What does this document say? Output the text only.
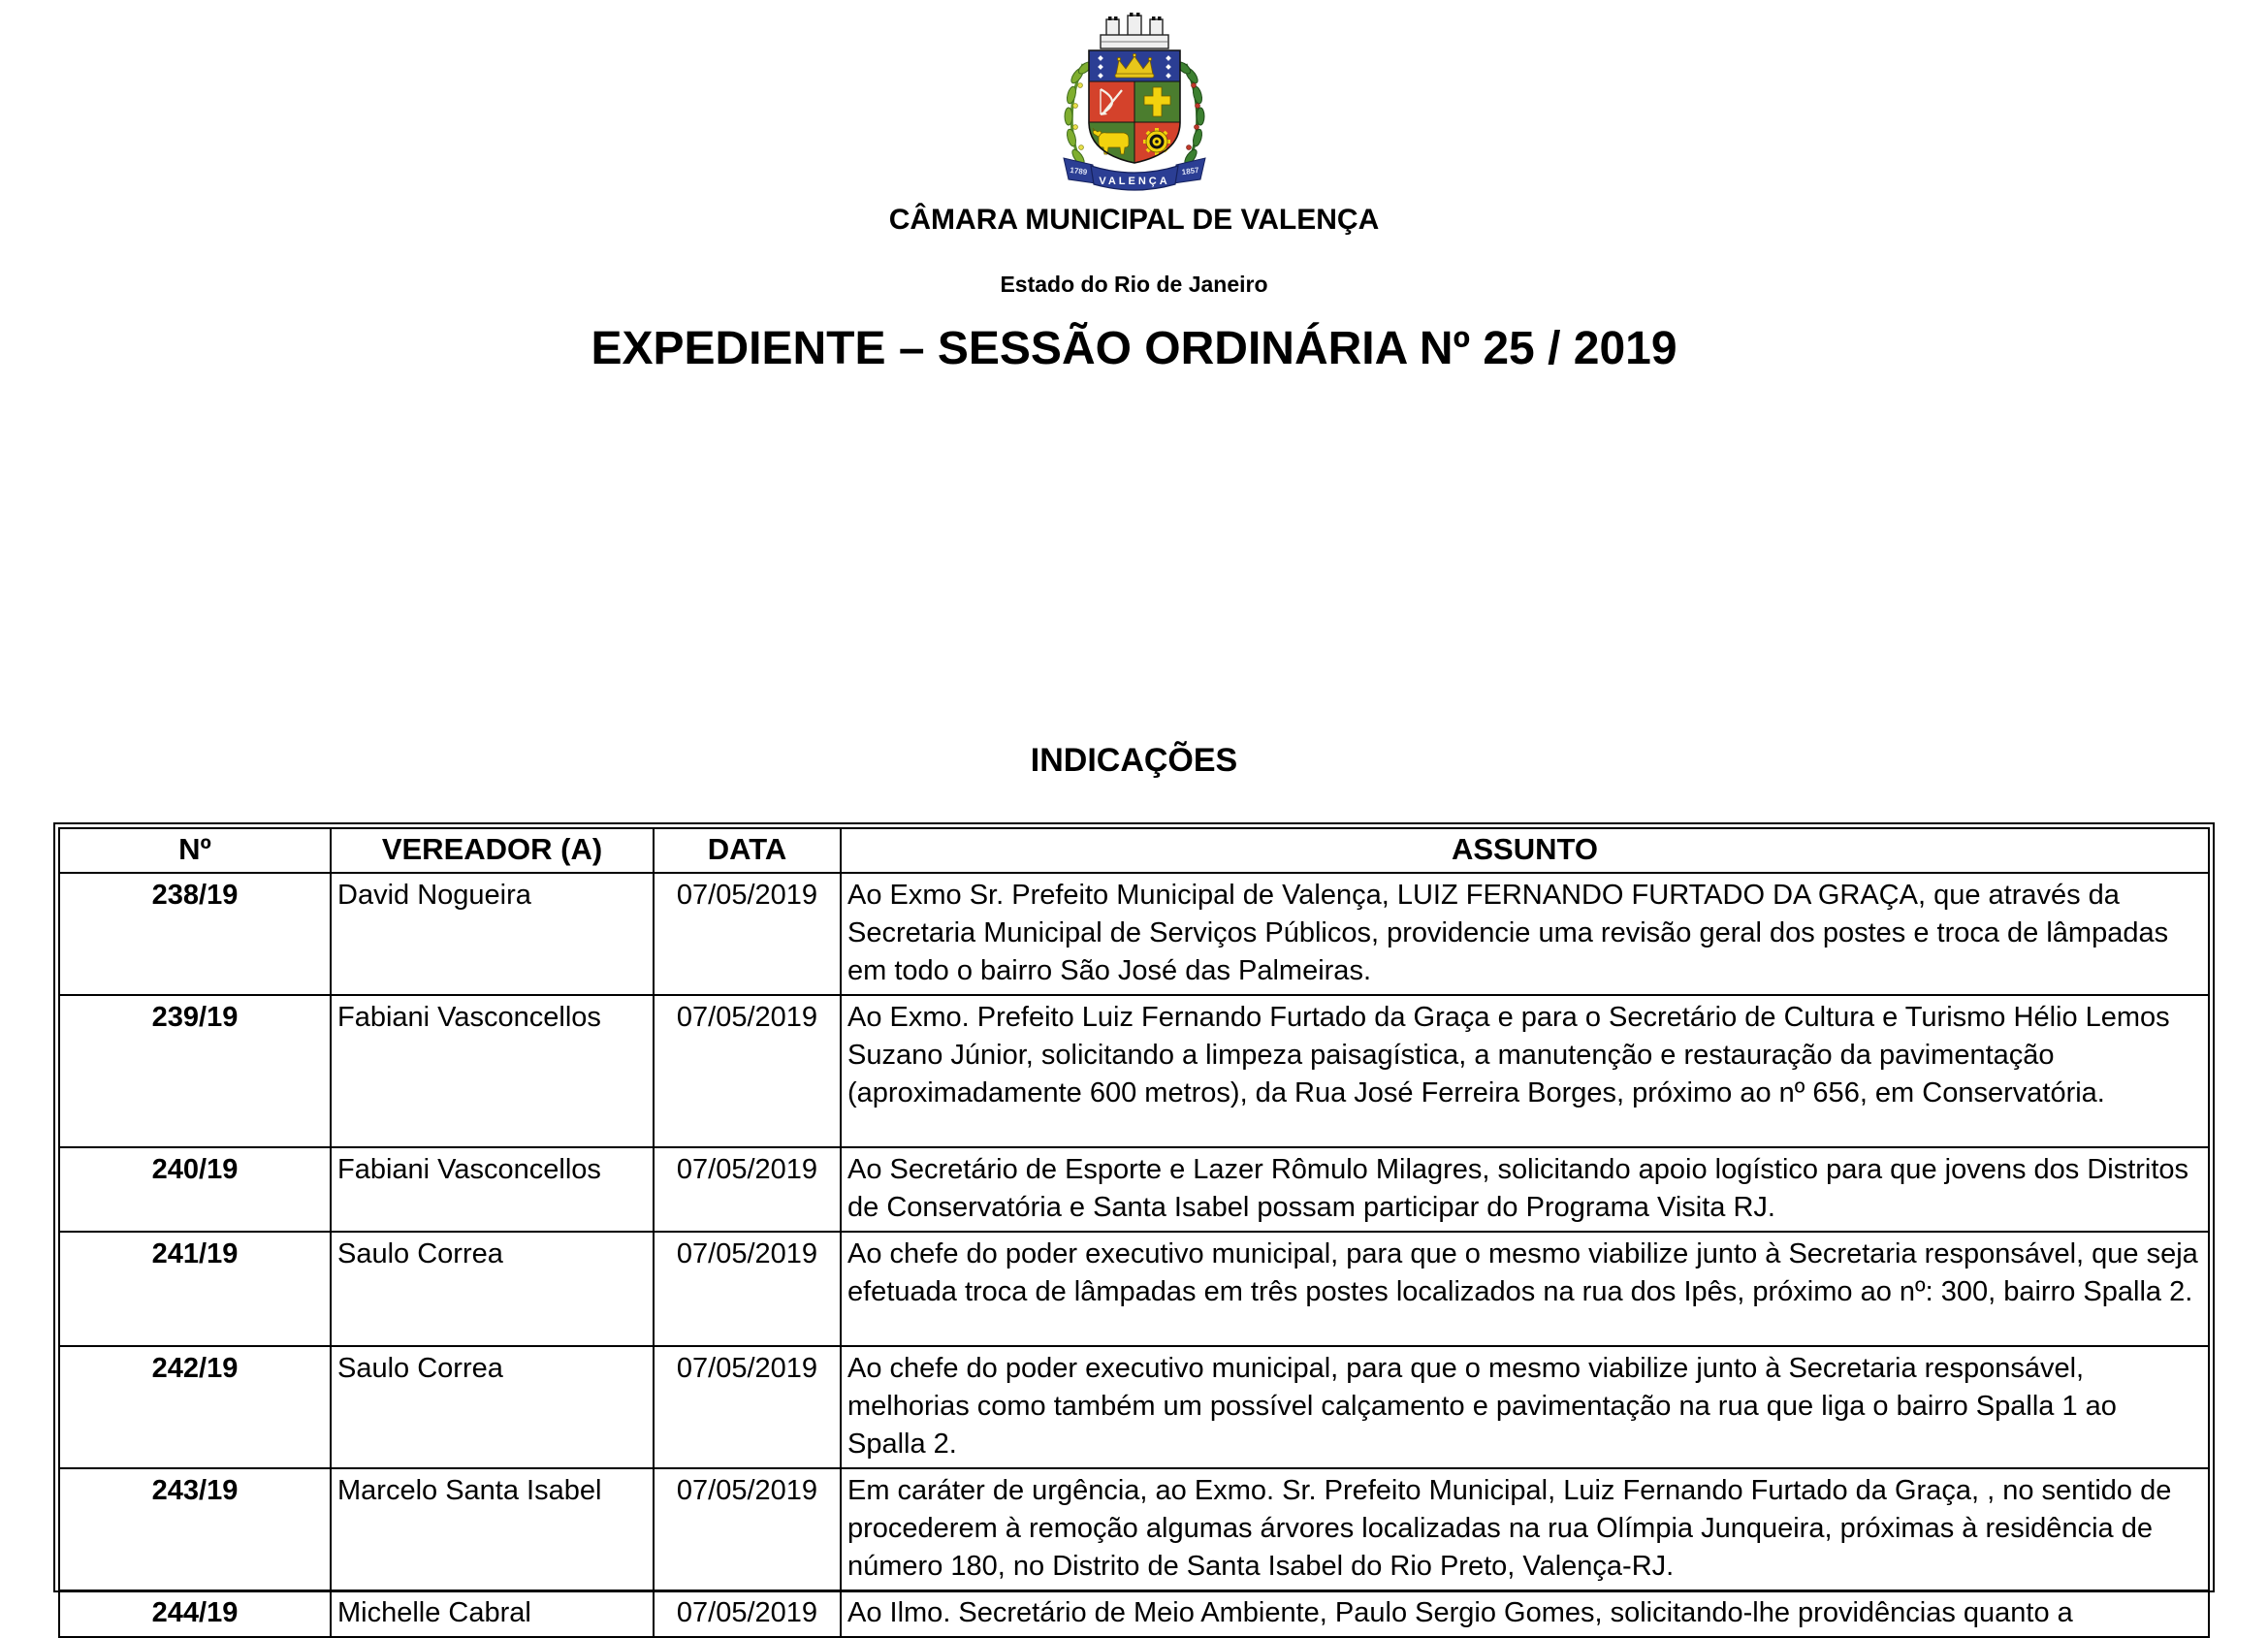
1789	1857
VALENÇA
CÂMARA MUNICIPAL DE VALENÇA
Estado do Rio de Janeiro
EXPEDIENTE – SESSÃO ORDINÁRIA Nº 25 / 2019
INDICAÇÕES
Nº	VEREADOR (A)	DATA	ASSUNTO
238/19	David Nogueira	07/05/2019	Ao Exmo Sr. Prefeito Municipal de Valença, LUIZ FERNANDO FURTADO DA GRAÇA, que através da Secretaria Municipal de Serviços Públicos, providencie uma revisão geral dos postes e troca de lâmpadas em todo o bairro São José das Palmeiras.
239/19	Fabiani Vasconcellos	07/05/2019	Ao Exmo. Prefeito Luiz Fernando Furtado da Graça e para o Secretário de Cultura e Turismo Hélio Lemos Suzano Júnior, solicitando a limpeza paisagística, a manutenção e restauração da pavimentação (aproximadamente 600 metros), da Rua José Ferreira Borges, próximo ao nº 656, em Conservatória.
240/19	Fabiani Vasconcellos	07/05/2019	Ao Secretário de Esporte e Lazer Rômulo Milagres, solicitando apoio logístico para que jovens dos Distritos de Conservatória e Santa Isabel possam participar do Programa Visita RJ.
241/19	Saulo Correa	07/05/2019	Ao chefe do poder executivo municipal, para que o mesmo viabilize junto à Secretaria responsável, que seja efetuada troca de lâmpadas em três postes localizados na rua dos Ipês, próximo ao nº: 300, bairro Spalla 2.
242/19	Saulo Correa	07/05/2019	Ao chefe do poder executivo municipal, para que o mesmo viabilize junto à Secretaria responsável, melhorias como também um possível calçamento e pavimentação na rua que liga o bairro Spalla 1 ao Spalla 2.
243/19	Marcelo Santa Isabel	07/05/2019	Em caráter de urgência, ao Exmo. Sr. Prefeito Municipal, Luiz Fernando Furtado da Graça, , no sentido de procederem à remoção algumas árvores localizadas na rua Olímpia Junqueira, próximas à residência de número 180, no Distrito de Santa Isabel do Rio Preto, Valença-RJ.
244/19	Michelle Cabral	07/05/2019	Ao Ilmo. Secretário de Meio Ambiente, Paulo Sergio Gomes, solicitando-lhe providências quanto a
